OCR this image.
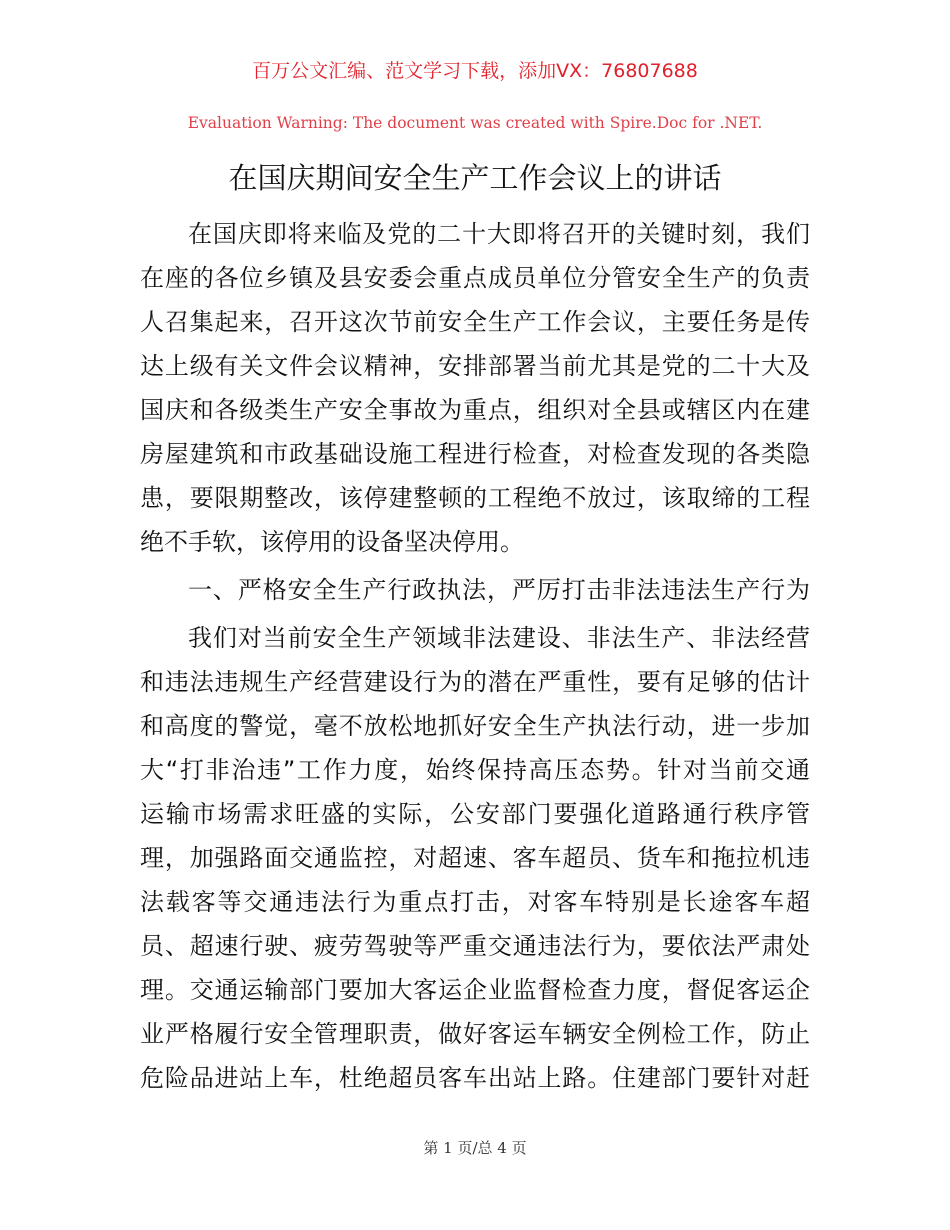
百万公文汇编、范文学习下载，添加VX：76807688
Evaluation Warning: The document was created with Spire.Doc for .NET.
在国庆期间安全生产工作会议上的讲话
在国庆即将来临及党的二十大即将召开的关键时刻，我们
在座的各位乡镇及县安委会重点成员单位分管安全生产的负责
人召集起来，召开这次节前安全生产工作会议，主要任务是传
达上级有关文件会议精神，安排部署当前尤其是党的二十大及
国庆和各级类生产安全事故为重点，组织对全县或辖区内在建
房屋建筑和市政基础设施工程进行检查，对检查发现的各类隐
患，要限期整改，该停建整顿的工程绝不放过，该取缔的工程
绝不手软，该停用的设备坚决停用。
一、严格安全生产行政执法，严厉打击非法违法生产行为
我们对当前安全生产领域非法建设、非法生产、非法经营
和违法违规生产经营建设行为的潜在严重性，要有足够的估计
和高度的警觉，毫不放松地抓好安全生产执法行动，进一步加
大“打非治违”工作力度，始终保持高压态势。针对当前交通
运输市场需求旺盛的实际，公安部门要强化道路通行秩序管
理，加强路面交通监控，对超速、客车超员、货车和拖拉机违
法载客等交通违法行为重点打击，对客车特别是长途客车超
员、超速行驶、疲劳驾驶等严重交通违法行为，要依法严肃处
理。交通运输部门要加大客运企业监督检查力度，督促客运企
业严格履行安全管理职责，做好客运车辆安全例检工作，防止
危险品进站上车，杜绝超员客车出站上路。住建部门要针对赶
第 1 页/总 4 页
